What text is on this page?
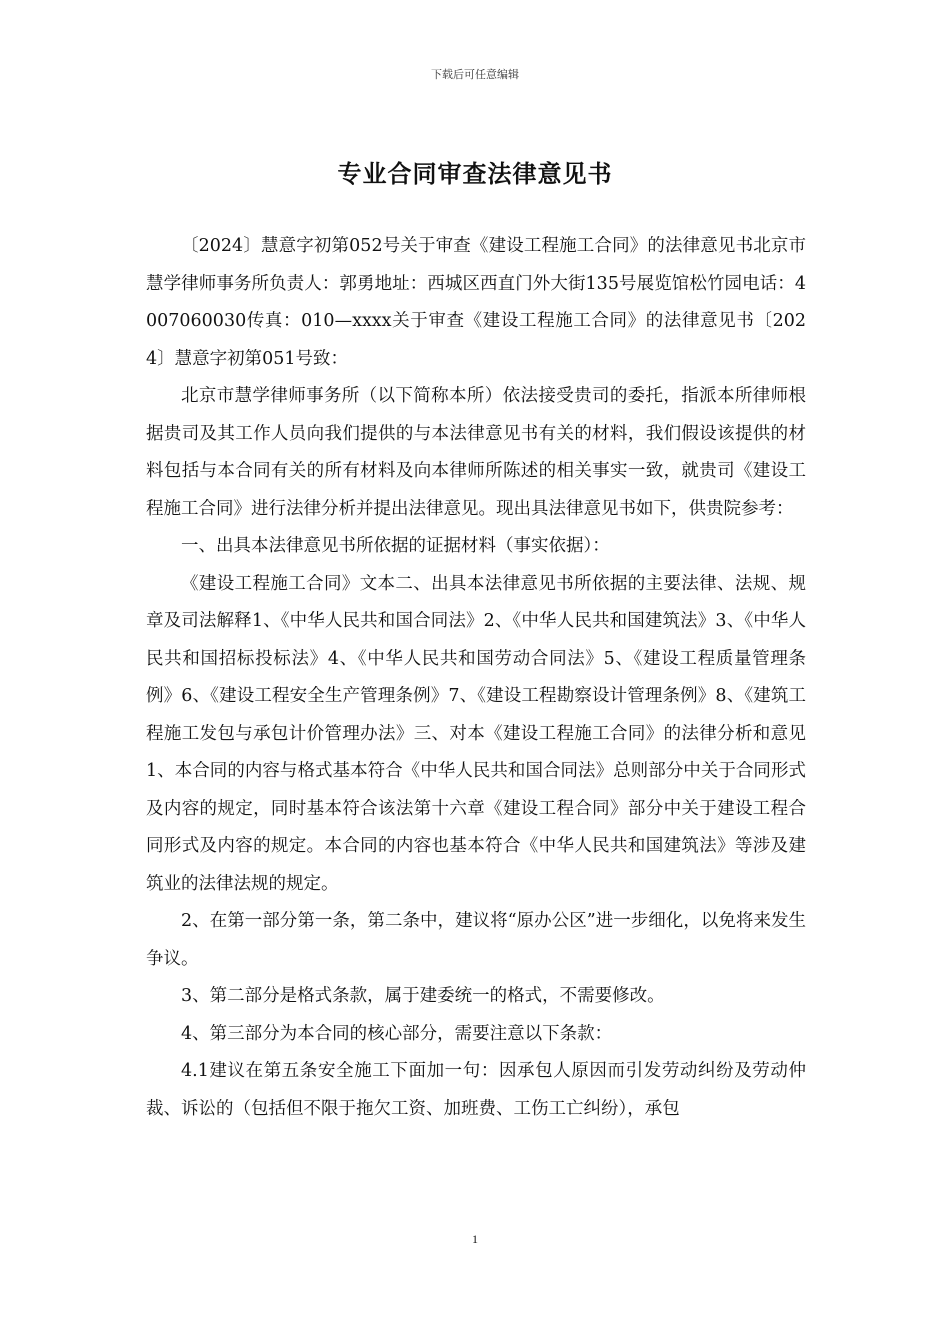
下载后可任意编辑
专业合同审查法律意见书

〔2024〕慧意字初第052号关于审查《建设工程施工合同》的法律意见书北京市慧学律师事务所负责人：郭勇地址：西城区西直门外大街135号展览馆松竹园电话：4007060030传真：010—xxxx关于审查《建设工程施工合同》的法律意见书〔2024〕慧意字初第051号致：

北京市慧学律师事务所（以下简称本所）依法接受贵司的委托，指派本所律师根据贵司及其工作人员向我们提供的与本法律意见书有关的材料，我们假设该提供的材料包括与本合同有关的所有材料及向本律师所陈述的相关事实一致，就贵司《建设工程施工合同》进行法律分析并提出法律意见。现出具法律意见书如下，供贵院参考：

一、出具本法律意见书所依据的证据材料（事实依据）：

《建设工程施工合同》文本二、出具本法律意见书所依据的主要法律、法规、规章及司法解释1、《中华人民共和国合同法》2、《中华人民共和国建筑法》3、《中华人民共和国招标投标法》4、《中华人民共和国劳动合同法》5、《建设工程质量管理条例》6、《建设工程安全生产管理条例》7、《建设工程勘察设计管理条例》8、《建筑工程施工发包与承包计价管理办法》三、对本《建设工程施工合同》的法律分析和意见1、本合同的内容与格式基本符合《中华人民共和国合同法》总则部分中关于合同形式及内容的规定，同时基本符合该法第十六章《建设工程合同》部分中关于建设工程合同形式及内容的规定。本合同的内容也基本符合《中华人民共和国建筑法》等涉及建筑业的法律法规的规定。

2、在第一部分第一条，第二条中，建议将“原办公区”进一步细化，以免将来发生争议。

3、第二部分是格式条款，属于建委统一的格式，不需要修改。

4、第三部分为本合同的核心部分，需要注意以下条款：

4.1建议在第五条安全施工下面加一句：因承包人原因而引发劳动纠纷及劳动仲裁、诉讼的（包括但不限于拖欠工资、加班费、工伤工亡纠纷），承包

1
